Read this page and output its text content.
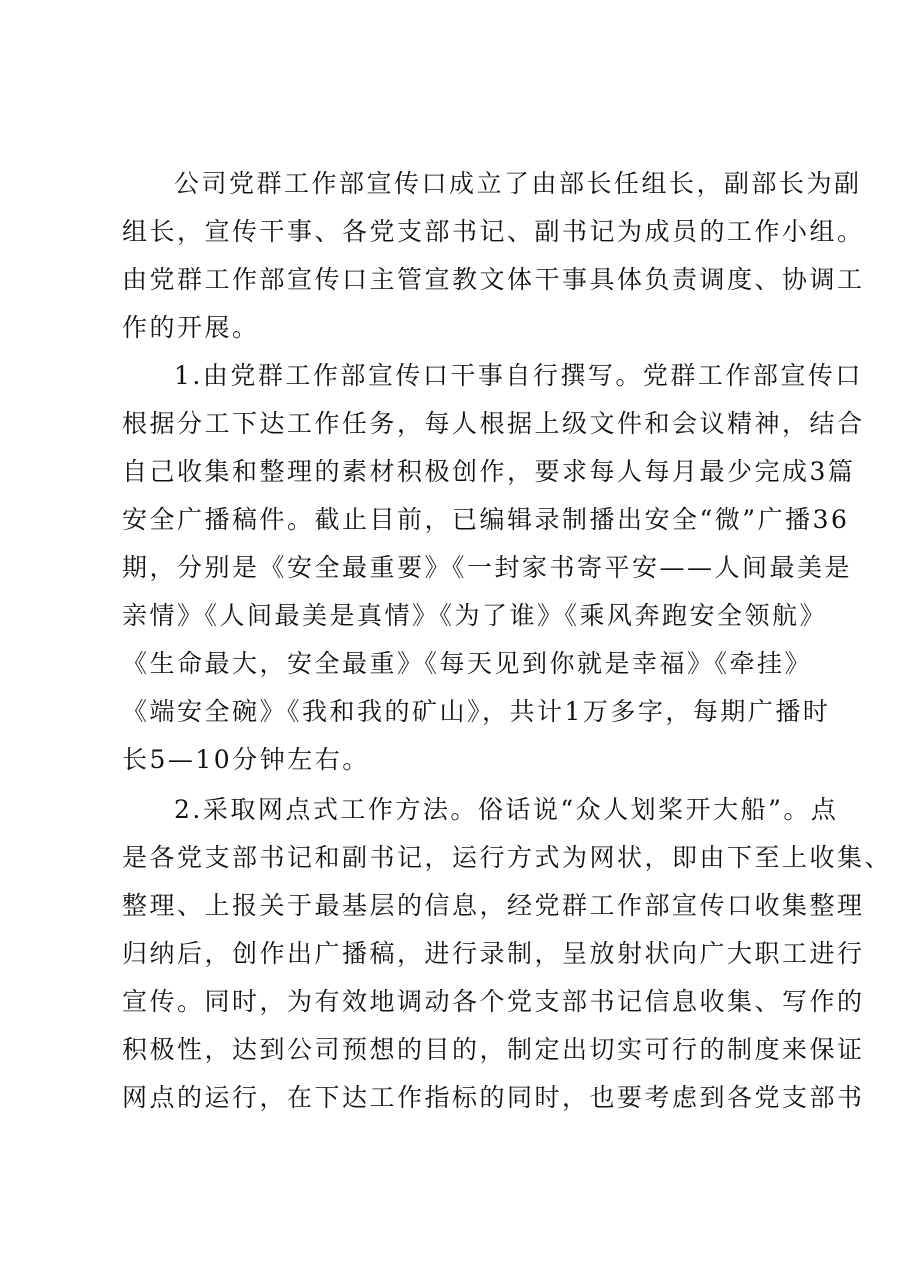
公司党群工作部宣传口成立了由部长任组长，副部长为副
组长，宣传干事、各党支部书记、副书记为成员的工作小组。
由党群工作部宣传口主管宣教文体干事具体负责调度、协调工
作的开展。
1.由党群工作部宣传口干事自行撰写。党群工作部宣传口
根据分工下达工作任务，每人根据上级文件和会议精神，结合
自己收集和整理的素材积极创作，要求每人每月最少完成3篇
安全广播稿件。截止目前，已编辑录制播出安全“微”广播36
期，分别是《安全最重要》《一封家书寄平安——人间最美是
亲情》《人间最美是真情》《为了谁》《乘风奔跑安全领航》
《生命最大，安全最重》《每天见到你就是幸福》《牵挂》
《端安全碗》《我和我的矿山》，共计1万多字，每期广播时
长5—10分钟左右。
2.采取网点式工作方法。俗话说“众人划桨开大船”。点
是各党支部书记和副书记，运行方式为网状，即由下至上收集、
整理、上报关于最基层的信息，经党群工作部宣传口收集整理
归纳后，创作出广播稿，进行录制，呈放射状向广大职工进行
宣传。同时，为有效地调动各个党支部书记信息收集、写作的
积极性，达到公司预想的目的，制定出切实可行的制度来保证
网点的运行，在下达工作指标的同时，也要考虑到各党支部书
